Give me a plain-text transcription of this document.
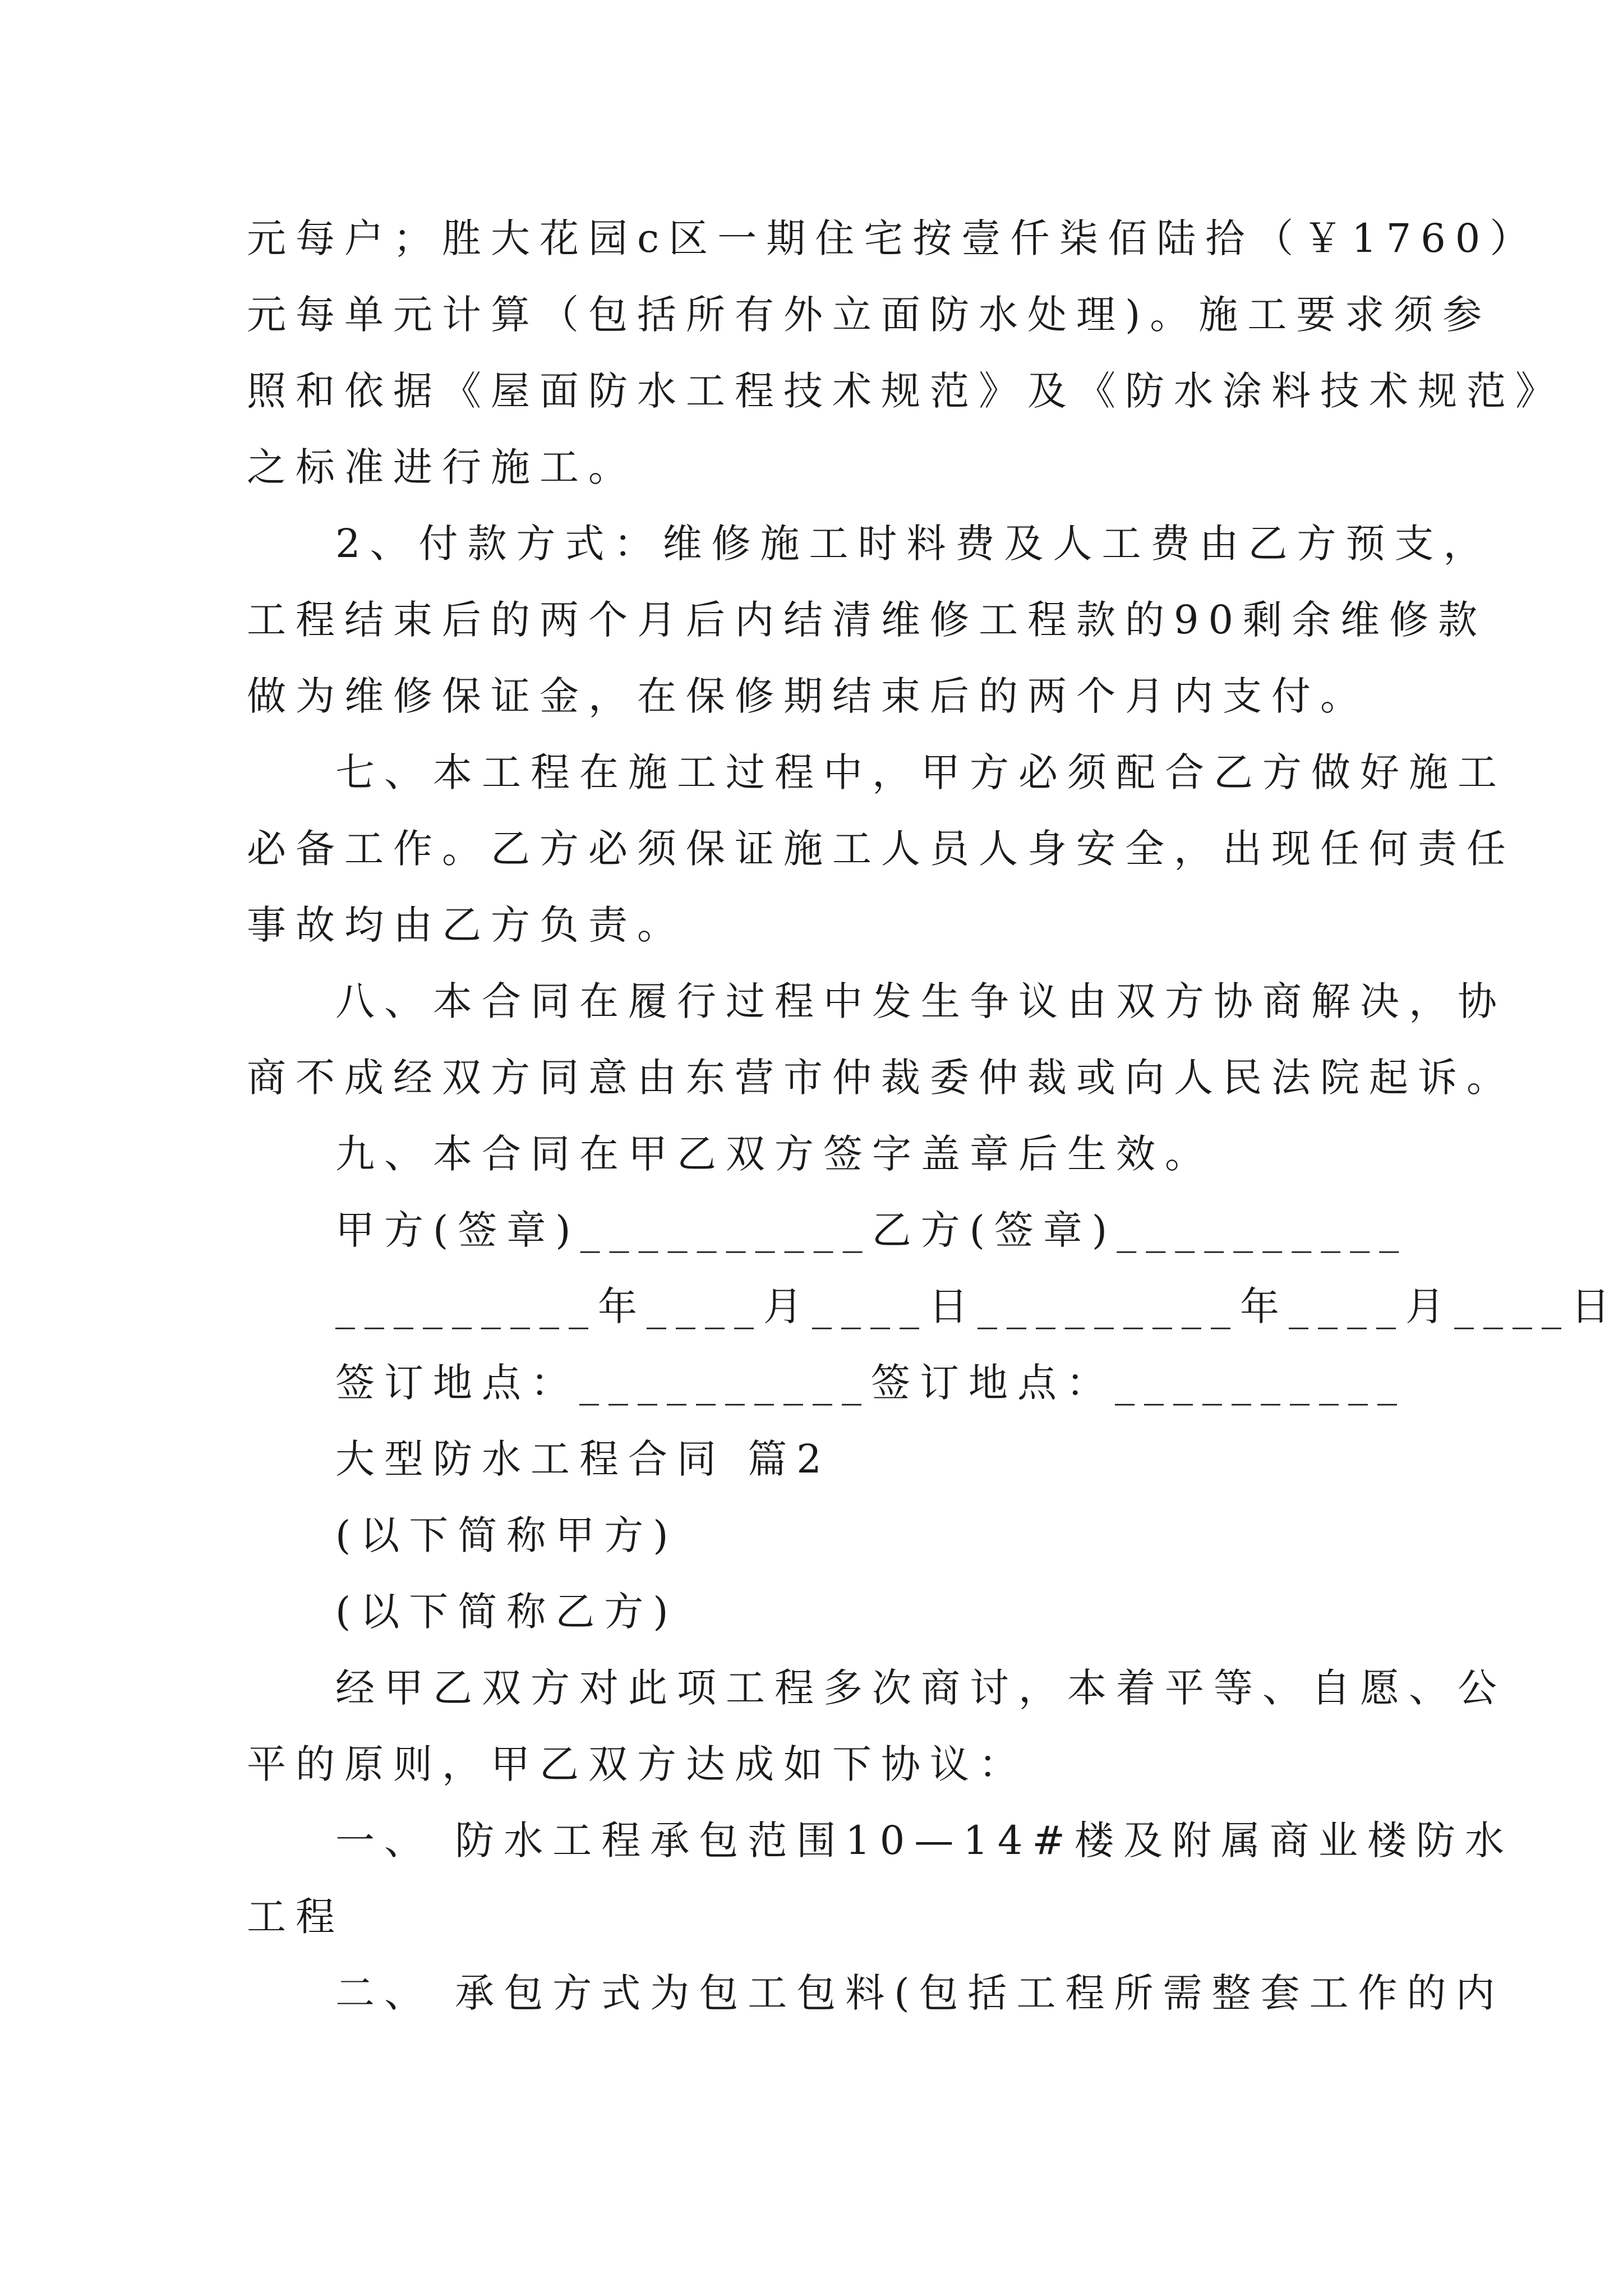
元每户；胜大花园c区一期住宅按壹仟柒佰陆拾（￥1760）
元每单元计算（包括所有外立面防水处理)。施工要求须参
照和依据《屋面防水工程技术规范》及《防水涂料技术规范》
之标准进行施工。
2、付款方式：维修施工时料费及人工费由乙方预支，
工程结束后的两个月后内结清维修工程款的90剩余维修款
做为维修保证金，在保修期结束后的两个月内支付。
七、本工程在施工过程中，甲方必须配合乙方做好施工
必备工作。乙方必须保证施工人员人身安全，出现任何责任
事故均由乙方负责。
八、本合同在履行过程中发生争议由双方协商解决，协
商不成经双方同意由东营市仲裁委仲裁或向人民法院起诉。
九、本合同在甲乙双方签字盖章后生效。
甲方(签章)__________乙方(签章)__________
_________年____月____日_________年____月____日
签订地点：__________签订地点：__________
大型防水工程合同 篇2
(以下简称甲方)
(以下简称乙方)
经甲乙双方对此项工程多次商讨，本着平等、自愿、公
平的原则，甲乙双方达成如下协议：
一、 防水工程承包范围10—14#楼及附属商业楼防水
工程
二、 承包方式为包工包料(包括工程所需整套工作的内
